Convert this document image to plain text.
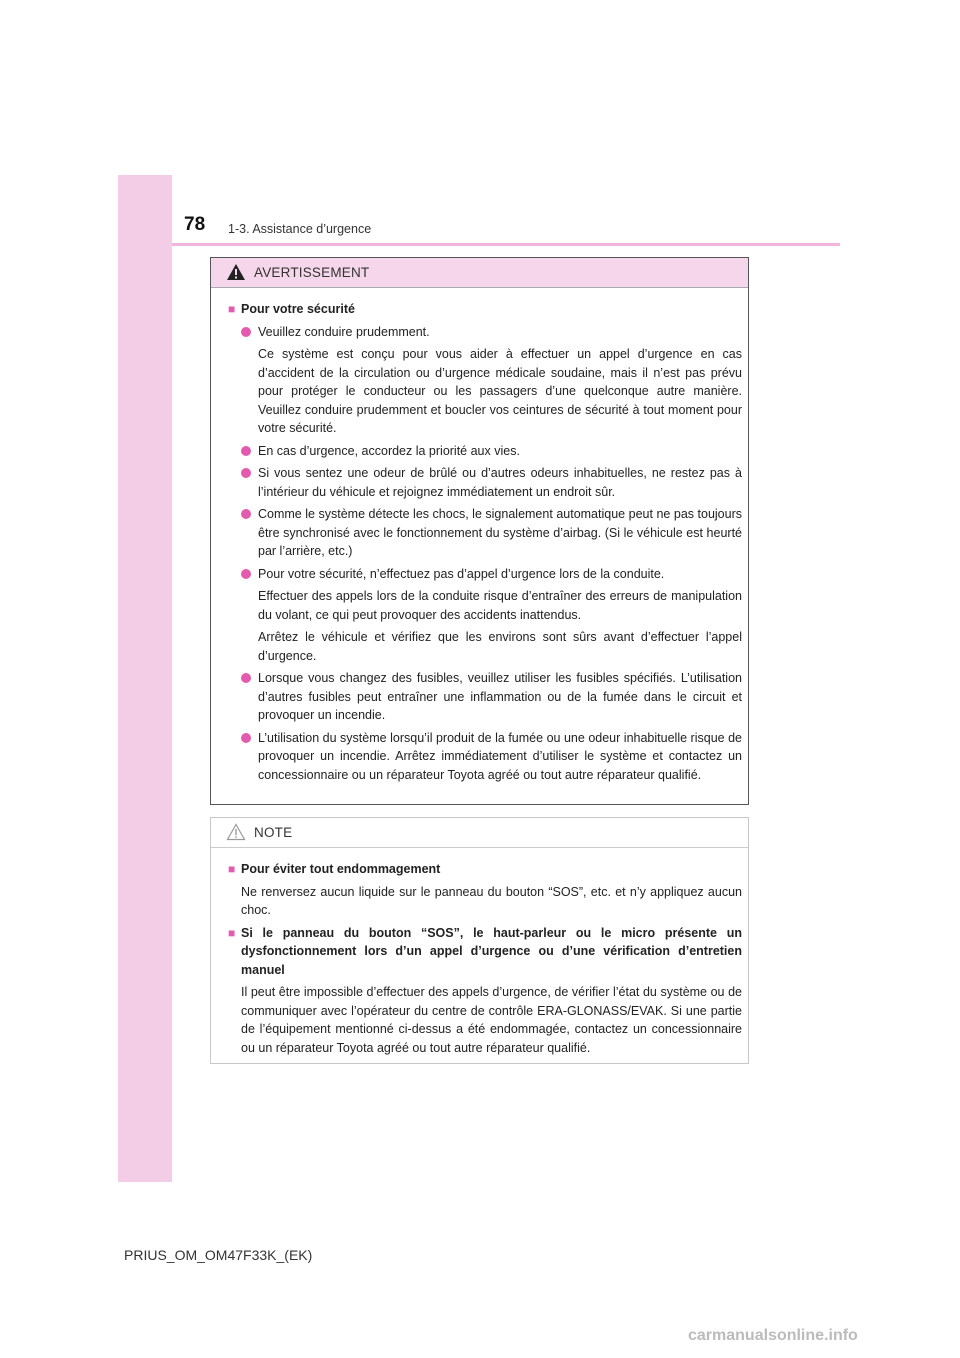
78 1-3. Assistance d’urgence
AVERTISSEMENT
■ Pour votre sécurité
Veuillez conduire prudemment.
Ce système est conçu pour vous aider à effectuer un appel d’urgence en cas d’accident de la circulation ou d’urgence médicale soudaine, mais il n’est pas prévu pour protéger le conducteur ou les passagers d’une quelconque autre manière. Veuillez conduire prudemment et boucler vos ceintures de sécurité à tout moment pour votre sécurité.
En cas d’urgence, accordez la priorité aux vies.
Si vous sentez une odeur de brûlé ou d’autres odeurs inhabituelles, ne restez pas à l’intérieur du véhicule et rejoignez immédiatement un endroit sûr.
Comme le système détecte les chocs, le signalement automatique peut ne pas toujours être synchronisé avec le fonctionnement du système d’airbag. (Si le véhicule est heurté par l’arrière, etc.)
Pour votre sécurité, n’effectuez pas d’appel d’urgence lors de la conduite.
Effectuer des appels lors de la conduite risque d’entraîner des erreurs de manipulation du volant, ce qui peut provoquer des accidents inattendus.
Arrêtez le véhicule et vérifiez que les environs sont sûrs avant d’effectuer l’appel d’urgence.
Lorsque vous changez des fusibles, veuillez utiliser les fusibles spécifiés. L’utilisation d’autres fusibles peut entraîner une inflammation ou de la fumée dans le circuit et provoquer un incendie.
L’utilisation du système lorsqu’il produit de la fumée ou une odeur inhabituelle risque de provoquer un incendie. Arrêtez immédiatement d’utiliser le système et contactez un concessionnaire ou un réparateur Toyota agréé ou tout autre réparateur qualifié.
NOTE
■ Pour éviter tout endommagement
Ne renversez aucun liquide sur le panneau du bouton “SOS”, etc. et n’y appliquez aucun choc.
■ Si le panneau du bouton “SOS”, le haut-parleur ou le micro présente un dysfonctionnement lors d’un appel d’urgence ou d’une vérification d’entretien manuel
Il peut être impossible d’effectuer des appels d’urgence, de vérifier l’état du système ou de communiquer avec l’opérateur du centre de contrôle ERA-GLONASS/EVAK. Si une partie de l’équipement mentionné ci-dessus a été endommagée, contactez un concessionnaire ou un réparateur Toyota agréé ou tout autre réparateur qualifié.
PRIUS_OM_OM47F33K_(EK)
carmanualsonline.info
